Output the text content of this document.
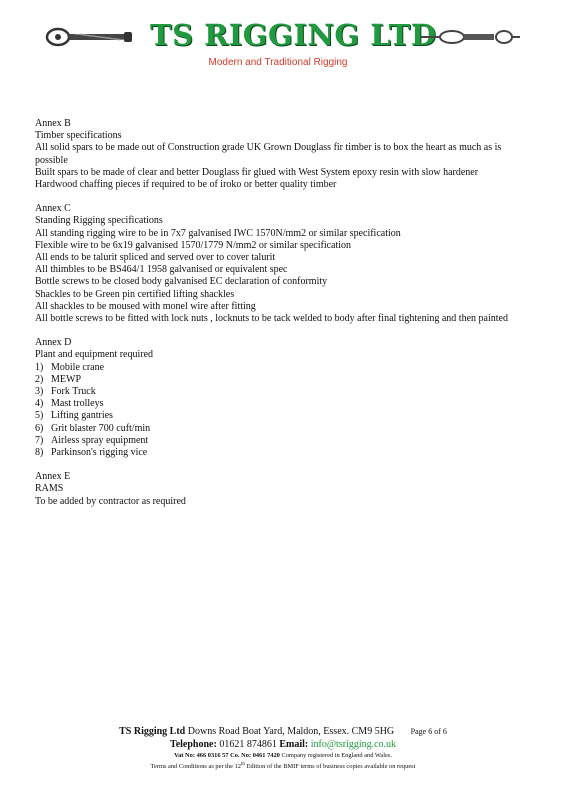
TS RIGGING LTD
Modern and Traditional Rigging
Annex B
Timber specifications
All solid spars to be made out of Construction grade UK Grown Douglass fir timber is to box the heart as much as is possible
Built spars to be made of clear and better Douglass fir glued with West System epoxy resin with slow hardener
Hardwood chaffing pieces if required to be of iroko or better quality timber
Annex C
Standing Rigging specifications
All standing rigging wire to be in 7x7 galvanised IWC 1570N/mm2 or similar specification
Flexible wire to be 6x19 galvanised 1570/1779 N/mm2 or similar specification
All ends to be talurit spliced and served over to cover talurit
All thimbles to be BS464/1 1958 galvanised or equivalent spec
Bottle screws to be closed body galvanised EC declaration of conformity
Shackles to be Green pin certified lifting shackles
All shackles to be moused with monel wire after fitting
All bottle screws to be fitted with lock nuts , locknuts to be tack welded to body after final tightening and then painted
Annex D
Plant and equipment required
1) Mobile crane
2) MEWP
3) Fork Truck
4) Mast trolleys
5) Lifting gantries
6) Grit blaster 700 cuft/min
7) Airless spray equipment
8) Parkinson's rigging vice
Annex E
RAMS
To be added by contractor as required
TS Rigging Ltd Downs Road Boat Yard, Maldon, Essex. CM9 5HG Page 6 of 6
Telephone: 01621 874861 Email: info@tsrigging.co.uk
Vat No: 466 0316 57 Co. No: 0461 7420 Company registered in England and Wales.
Terms and Conditions as per the 12th Edition of the BMIF terms of business copies available on request
